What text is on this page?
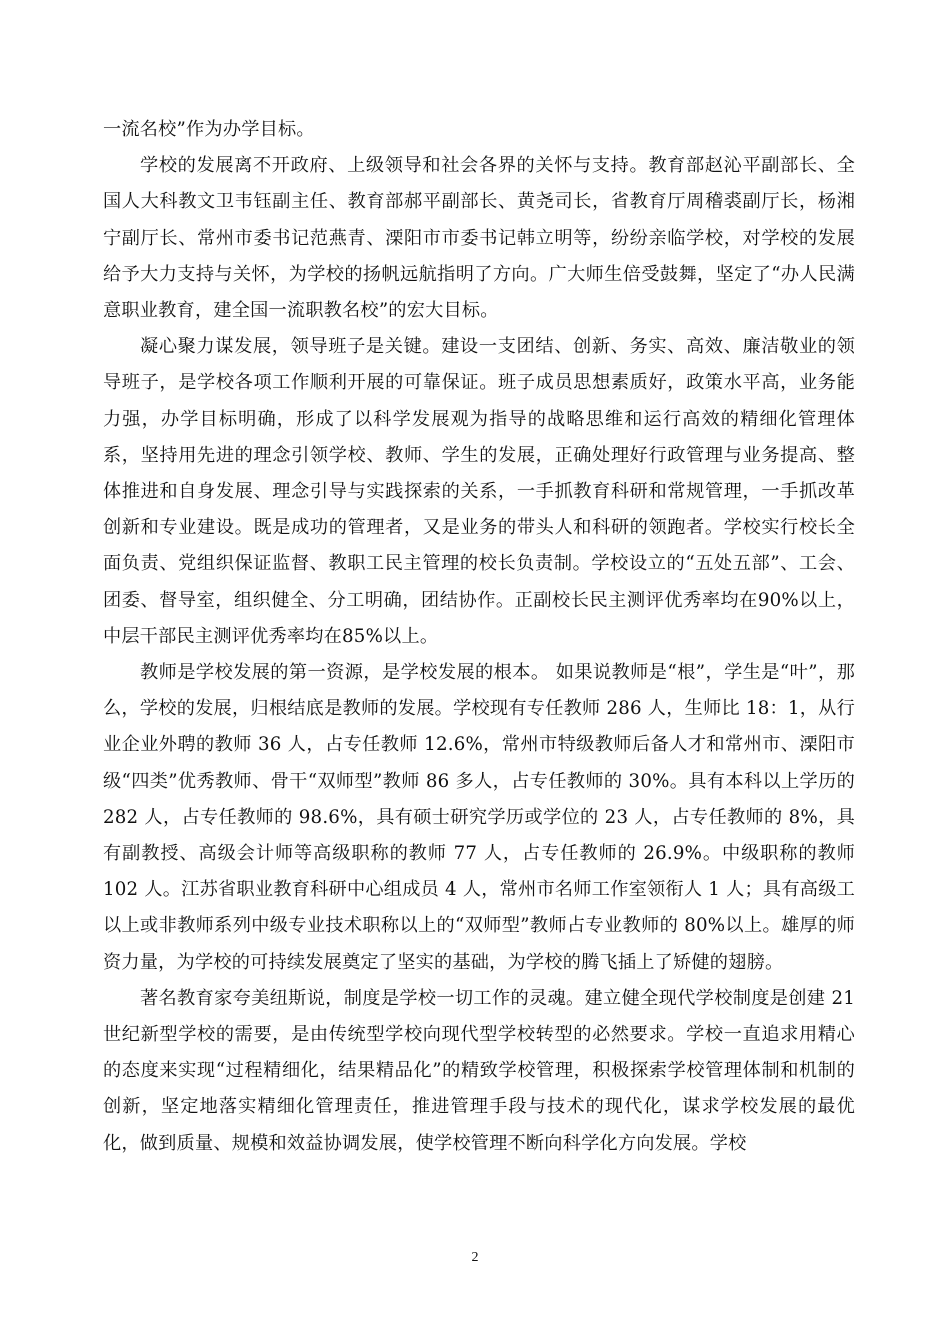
一流名校”作为办学目标。

学校的发展离不开政府、上级领导和社会各界的关怀与支持。教育部赵沁平副部长、全国人大科教文卫韦钰副主任、教育部郝平副部长、黄尧司长，省教育厅周稽裘副厅长，杨湘宁副厅长、常州市委书记范燕青、溧阳市市委书记韩立明等，纷纷亲临学校，对学校的发展给予大力支持与关怀，为学校的扬帆远航指明了方向。广大师生倍受鼓舞，坚定了“办人民满意职业教育，建全国一流职教名校”的宏大目标。

凝心聚力谋发展，领导班子是关键。建设一支团结、创新、务实、高效、廉洁敬业的领导班子，是学校各项工作顺利开展的可靠保证。班子成员思想素质好，政策水平高，业务能力强，办学目标明确，形成了以科学发展观为指导的战略思维和运行高效的精细化管理体系，坚持用先进的理念引领学校、教师、学生的发展，正确处理好行政管理与业务提高、整体推进和自身发展、理念引导与实践探索的关系，一手抓教育科研和常规管理，一手抓改革创新和专业建设。既是成功的管理者，又是业务的带头人和科研的领跑者。学校实行校长全面负责、党组织保证监督、教职工民主管理的校长负责制。学校设立的“五处五部”、工会、团委、督导室，组织健全、分工明确，团结协作。正副校长民主测评优秀率均在90%以上，中层干部民主测评优秀率均在85%以上。

教师是学校发展的第一资源，是学校发展的根本。 如果说教师是“根”，学生是“叶”，那么，学校的发展，归根结底是教师的发展。学校现有专任教师 286 人，生师比 18：1，从行业企业外聘的教师 36 人，占专任教师 12.6%，常州市特级教师后备人才和常州市、溧阳市级“四类”优秀教师、骨干“双师型”教师 86 多人，占专任教师的 30%。具有本科以上学历的 282 人，占专任教师的 98.6%，具有硕士研究学历或学位的 23 人，占专任教师的 8%，具有副教授、高级会计师等高级职称的教师 77 人，占专任教师的 26.9%。中级职称的教师 102 人。江苏省职业教育科研中心组成员 4 人，常州市名师工作室领衔人 1 人；具有高级工以上或非教师系列中级专业技术职称以上的“双师型”教师占专业教师的 80%以上。雄厚的师资力量，为学校的可持续发展奠定了坚实的基础，为学校的腾飞插上了矫健的翅膀。

著名教育家夸美纽斯说，制度是学校一切工作的灵魂。建立健全现代学校制度是创建 21 世纪新型学校的需要，是由传统型学校向现代型学校转型的必然要求。学校一直追求用精心的态度来实现“过程精细化，结果精品化”的精致学校管理，积极探索学校管理体制和机制的创新，坚定地落实精细化管理责任，推进管理手段与技术的现代化，谋求学校发展的最优化，做到质量、规模和效益协调发展，使学校管理不断向科学化方向发展。学校

2
